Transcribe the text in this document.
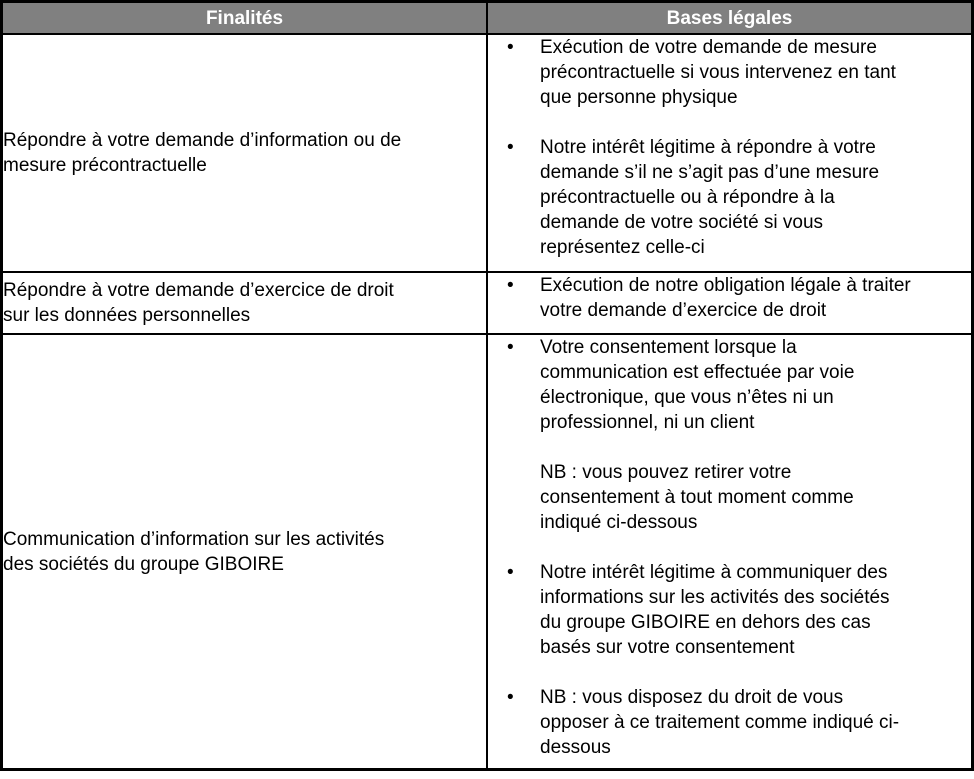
Finalités	Bases légales

Répondre à votre demande d’information ou de
mesure précontractuelle

•	Exécution de votre demande de mesure
précontractuelle si vous intervenez en tant
que personne physique
•	Notre intérêt légitime à répondre à votre
demande s’il ne s’agit pas d’une mesure
précontractuelle ou à répondre à la
demande de votre société si vous
représentez celle-ci

Répondre à votre demande d’exercice de droit
sur les données personnelles

•	Exécution de notre obligation légale à traiter
votre demande d’exercice de droit

Communication d’information sur les activités
des sociétés du groupe GIBOIRE

•	Votre consentement lorsque la
communication est effectuée par voie
électronique, que vous n’êtes ni un
professionnel, ni un client
NB : vous pouvez retirer votre
consentement à tout moment comme
indiqué ci-dessous
•	Notre intérêt légitime à communiquer des
informations sur les activités des sociétés
du groupe GIBOIRE en dehors des cas
basés sur votre consentement
•	NB : vous disposez du droit de vous
opposer à ce traitement comme indiqué ci-
dessous
